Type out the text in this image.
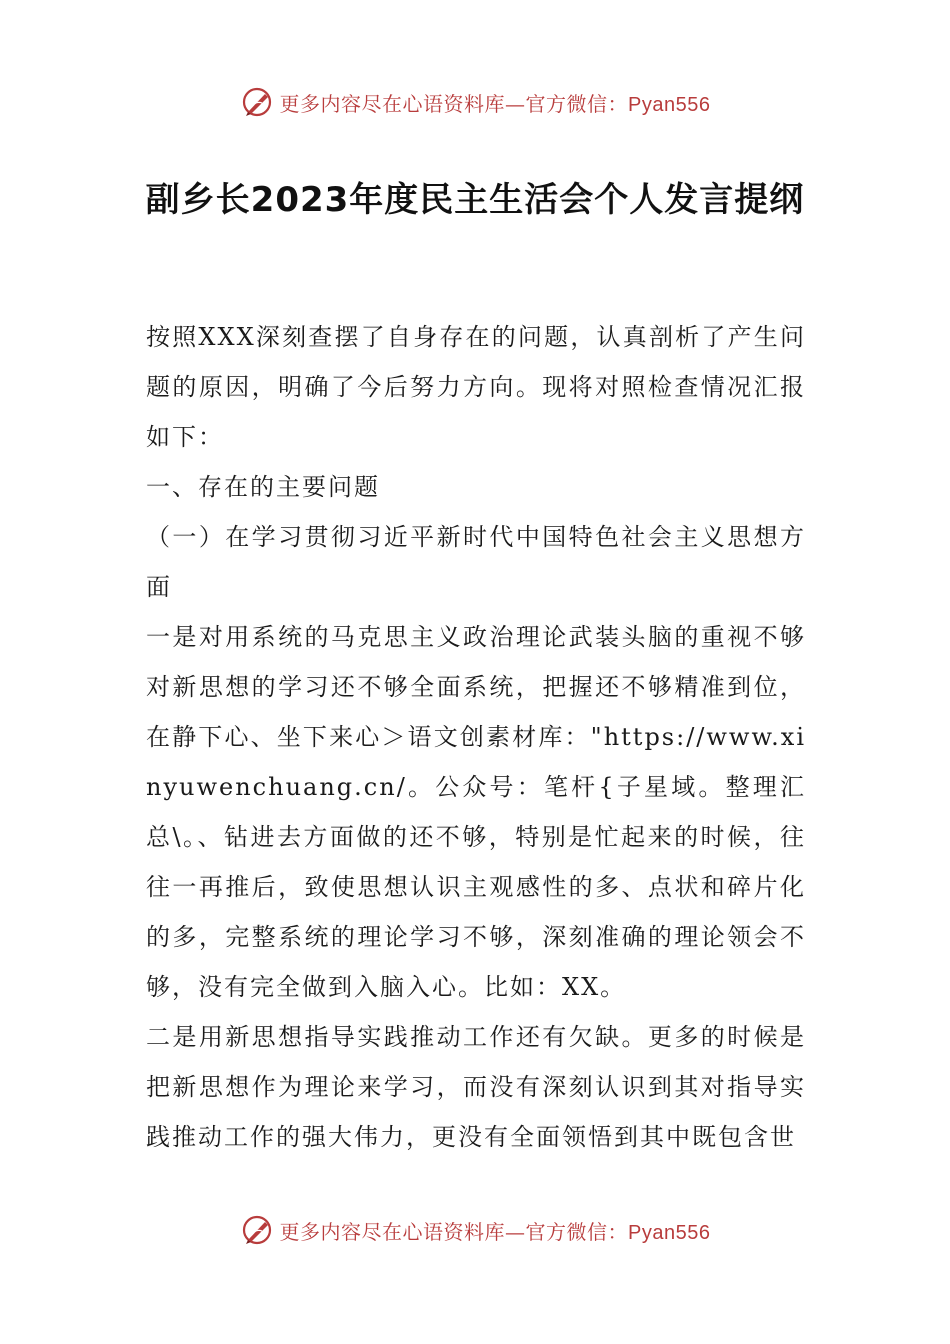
更多内容尽在心语资料库—官方微信：Pyan556
副乡长2023年度民主生活会个人发言提纲

按照XXX深刻查摆了自身存在的问题，认真剖析了产生问题的原因，明确了今后努力方向。现将对照检查情况汇报如下：

一、存在的主要问题

（一）在学习贯彻习近平新时代中国特色社会主义思想方面

一是对用系统的马克思主义政治理论武装头脑的重视不够对新思想的学习还不够全面系统，把握还不够精准到位，在静下心、坐下来心＞语文创素材库："https://www.xinyuwenchuang.cn/。公众号：笔杆{子星域。整理汇总\。、钻进去方面做的还不够，特别是忙起来的时候，往往一再推后，致使思想认识主观感性的多、点状和碎片化的多，完整系统的理论学习不够，深刻准确的理论领会不够，没有完全做到入脑入心。比如：XX。

二是用新思想指导实践推动工作还有欠缺。更多的时候是把新思想作为理论来学习，而没有深刻认识到其对指导实践推动工作的强大伟力，更没有全面领悟到其中既包含世

更多内容尽在心语资料库—官方微信：Pyan556
